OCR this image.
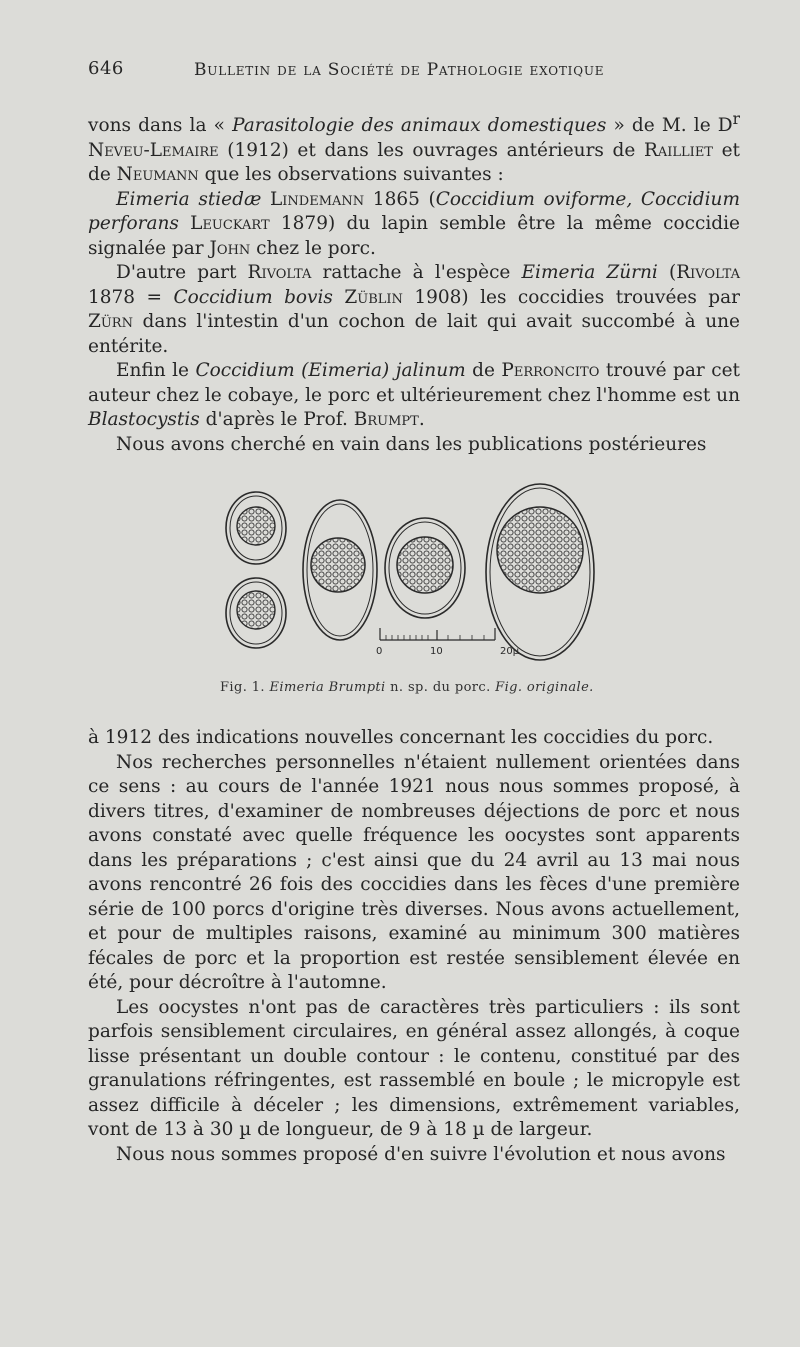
646	Bulletin de la Société de Pathologie exotique

vons dans la « Parasitologie des animaux domestiques » de M. le $D^r$ Neveu-Lemaire (1912) et dans les ouvrages antérieurs de Railliet et de Neumann que les observations suivantes :

Eimeria stiedæ Lindemann 1865 (Coccidium oviforme, Coccidium perforans Leuckart 1879) du lapin semble être la même coccidie signalée par John chez le porc.

D'autre part Rivolta rattache à l'espèce Eimeria Zürni (Rivolta 1878 = Coccidium bovis Züblin 1908) les coccidies trouvées par Zürn dans l'intestin d'un cochon de lait qui avait succombé à une entérite.

Enfin le Coccidium (Eimeria) jalinum de Perroncito trouvé par cet auteur chez le cobaye, le porc et ultérieurement chez l'homme est un Blastocystis d'après le Prof. Brumpt.

Nous avons cherché en vain dans les publications postérieures

0	10	20µ
Fig. 1. Eimeria Brumpti n. sp. du porc. Fig. originale.

à 1912 des indications nouvelles concernant les coccidies du porc.

Nos recherches personnelles n'étaient nullement orientées dans ce sens : au cours de l'année 1921 nous nous sommes proposé, à divers titres, d'examiner de nombreuses déjections de porc et nous avons constaté avec quelle fréquence les oocystes sont apparents dans les préparations ; c'est ainsi que du 24 avril au 13 mai nous avons rencontré 26 fois des coccidies dans les fèces d'une première série de 100 porcs d'origine très diverses. Nous avons actuellement, et pour de multiples raisons, examiné au minimum 300 matières fécales de porc et la proportion est restée sensiblement élevée en été, pour décroître à l'automne.

Les oocystes n'ont pas de caractères très particuliers : ils sont parfois sensiblement circulaires, en général assez allongés, à coque lisse présentant un double contour : le contenu, constitué par des granulations réfringentes, est rassemblé en boule ; le micropyle est assez difficile à déceler ; les dimensions, extrêmement variables, vont de 13 à 30 µ de longueur, de 9 à 18 µ de largeur.

Nous nous sommes proposé d'en suivre l'évolution et nous avons
